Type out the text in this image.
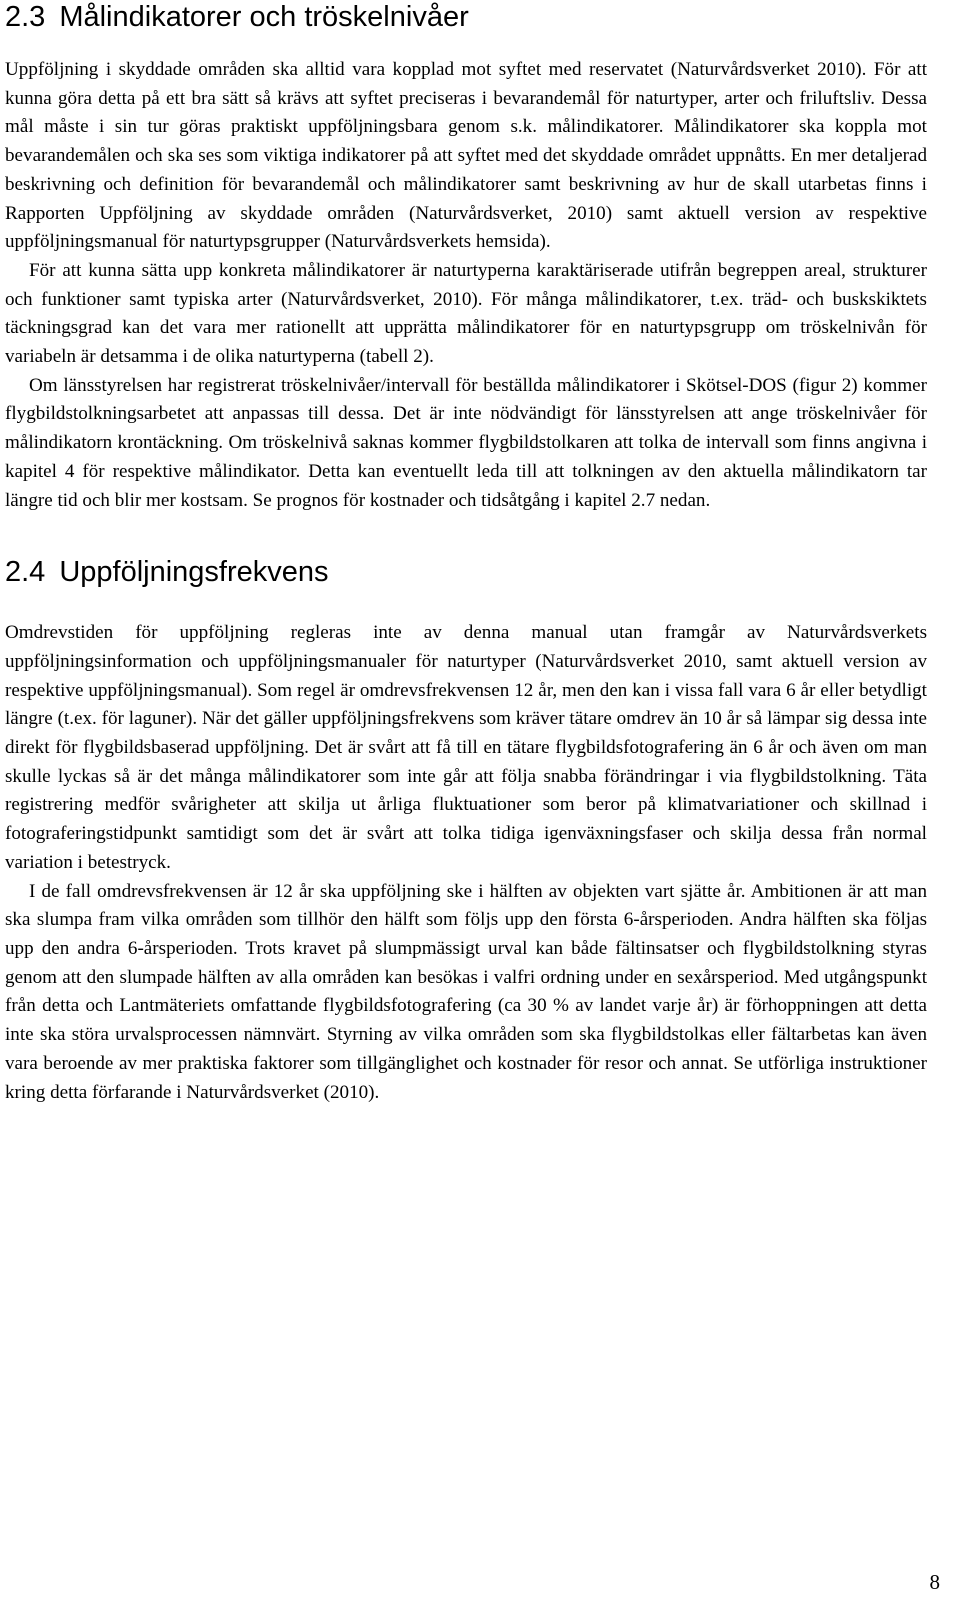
2.3 Målindikatorer och tröskelnivåer

Uppföljning i skyddade områden ska alltid vara kopplad mot syftet med reservatet (Naturvårdsverket 2010). För att kunna göra detta på ett bra sätt så krävs att syftet preciseras i bevarandemål för naturtyper, arter och friluftsliv. Dessa mål måste i sin tur göras praktiskt uppföljningsbara genom s.k. målindikatorer. Målindikatorer ska koppla mot bevarandemålen och ska ses som viktiga indikatorer på att syftet med det skyddade området uppnåtts. En mer detaljerad beskrivning och definition för bevarandemål och målindikatorer samt beskrivning av hur de skall utarbetas finns i Rapporten Uppföljning av skyddade områden (Naturvårdsverket, 2010) samt aktuell version av respektive uppföljningsmanual för naturtypsgrupper (Naturvårdsverkets hemsida).

För att kunna sätta upp konkreta målindikatorer är naturtyperna karaktäriserade utifrån begreppen areal, strukturer och funktioner samt typiska arter (Naturvårdsverket, 2010). För många målindikatorer, t.ex. träd- och buskskiktets täckningsgrad kan det vara mer rationellt att upprätta målindikatorer för en naturtypsgrupp om tröskelnivån för variabeln är detsamma i de olika naturtyperna (tabell 2).

Om länsstyrelsen har registrerat tröskelnivåer/intervall för beställda målindikatorer i Skötsel-DOS (figur 2) kommer flygbildstolkningsarbetet att anpassas till dessa. Det är inte nödvändigt för länsstyrelsen att ange tröskelnivåer för målindikatorn krontäckning. Om tröskelnivå saknas kommer flygbildstolkaren att tolka de intervall som finns angivna i kapitel 4 för respektive målindikator. Detta kan eventuellt leda till att tolkningen av den aktuella målindikatorn tar längre tid och blir mer kostsam. Se prognos för kostnader och tidsåtgång i kapitel 2.7 nedan.

2.4 Uppföljningsfrekvens

Omdrevstiden för uppföljning regleras inte av denna manual utan framgår av Naturvårdsverkets uppföljningsinformation och uppföljningsmanualer för naturtyper (Naturvårdsverket 2010, samt aktuell version av respektive uppföljningsmanual). Som regel är omdrevsfrekvensen 12 år, men den kan i vissa fall vara 6 år eller betydligt längre (t.ex. för laguner). När det gäller uppföljningsfrekvens som kräver tätare omdrev än 10 år så lämpar sig dessa inte direkt för flygbildsbaserad uppföljning. Det är svårt att få till en tätare flygbildsfotografering än 6 år och även om man skulle lyckas så är det många målindikatorer som inte går att följa snabba förändringar i via flygbildstolkning. Täta registrering medför svårigheter att skilja ut årliga fluktuationer som beror på klimatvariationer och skillnad i fotograferingstidpunkt samtidigt som det är svårt att tolka tidiga igenväxningsfaser och skilja dessa från normal variation i betestryck.

I de fall omdrevsfrekvensen är 12 år ska uppföljning ske i hälften av objekten vart sjätte år. Ambitionen är att man ska slumpa fram vilka områden som tillhör den hälft som följs upp den första 6-årsperioden. Andra hälften ska följas upp den andra 6-årsperioden. Trots kravet på slumpmässigt urval kan både fältinsatser och flygbildstolkning styras genom att den slumpade hälften av alla områden kan besökas i valfri ordning under en sexårsperiod. Med utgångspunkt från detta och Lantmäteriets omfattande flygbildsfotografering (ca 30 % av landet varje år) är förhoppningen att detta inte ska störa urvalsprocessen nämnvärt. Styrning av vilka områden som ska flygbildstolkas eller fältarbetas kan även vara beroende av mer praktiska faktorer som tillgänglighet och kostnader för resor och annat. Se utförliga instruktioner kring detta förfarande i Naturvårdsverket (2010).

8
